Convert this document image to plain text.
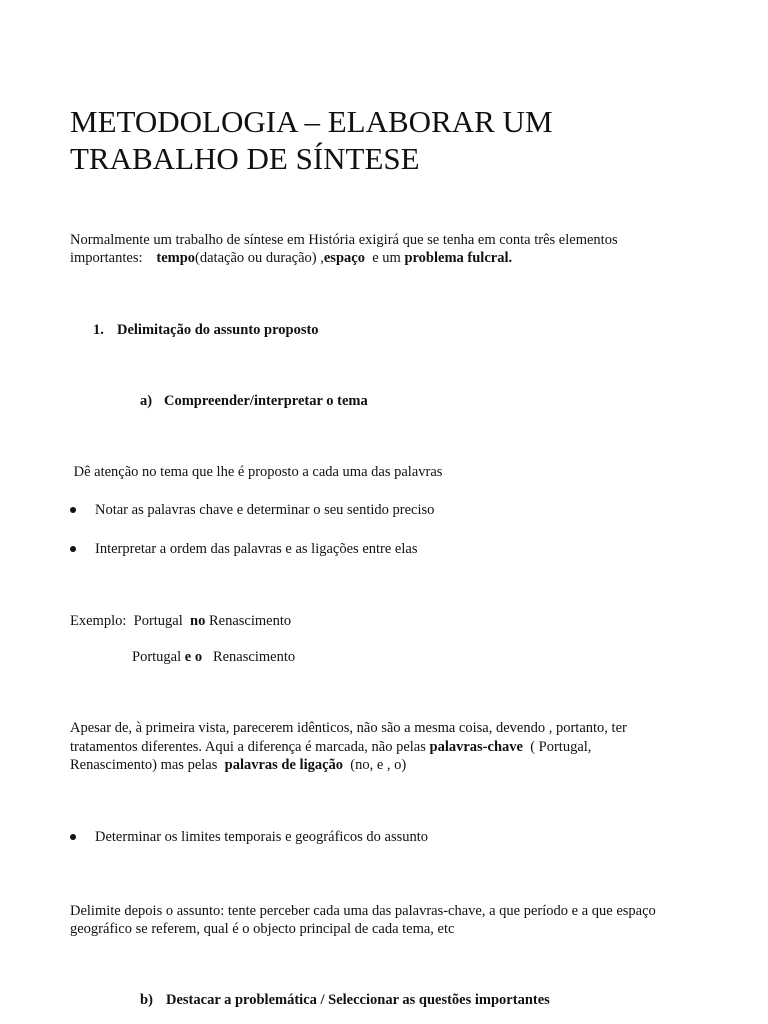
METODOLOGIA – ELABORAR UM
TRABALHO DE SÍNTESE
Normalmente um trabalho de síntese em História exigirá que se tenha em conta três elementos
importantes:   tempo(datação ou duração) ,espaço  e um problema fulcral.
1. Delimitação do assunto proposto
a) Compreender/interpretar o tema
Dê atenção no tema que lhe é proposto a cada uma das palavras
Notar as palavras chave e determinar o seu sentido preciso
Interpretar a ordem das palavras e as ligações entre elas
Exemplo:  Portugal  no Renascimento
Portugal e o   Renascimento
Apesar de, à primeira vista, parecerem idênticos, não são a mesma coisa, devendo , portanto, ter
tratamentos diferentes. Aqui a diferença é marcada, não pelas palavras-chave  ( Portugal,
Renascimento) mas pelas  palavras de ligação  (no, e , o)
Determinar os limites temporais e geográficos do assunto
Delimite depois o assunto: tente perceber cada uma das palavras-chave, a que período e a que espaço
geográfico se referem, qual é o objecto principal de cada tema, etc
b) Destacar a problemática / Seleccionar as questões importantes
